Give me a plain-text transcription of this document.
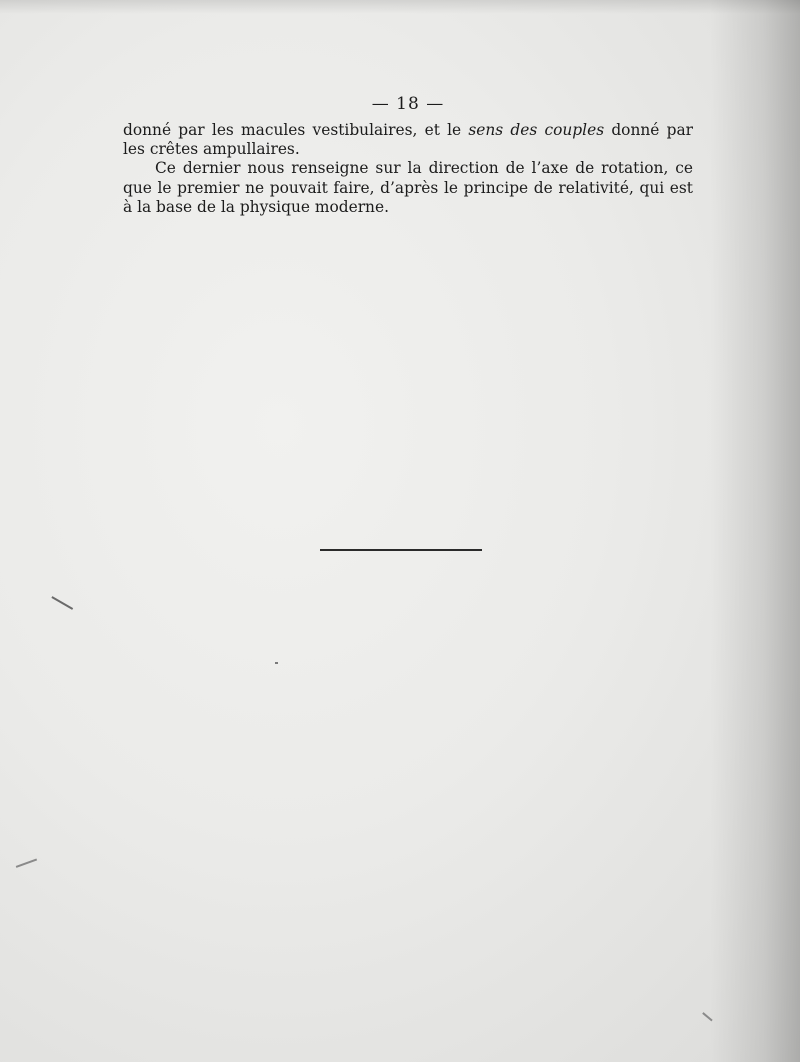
— 18 —

donné par les macules vestibulaires, et le sens des couples donné par les crêtes ampullaires.

Ce dernier nous renseigne sur la direction de l’axe de rotation, ce que le premier ne pouvait faire, d’après le principe de relativité, qui est à la base de la physique moderne.
